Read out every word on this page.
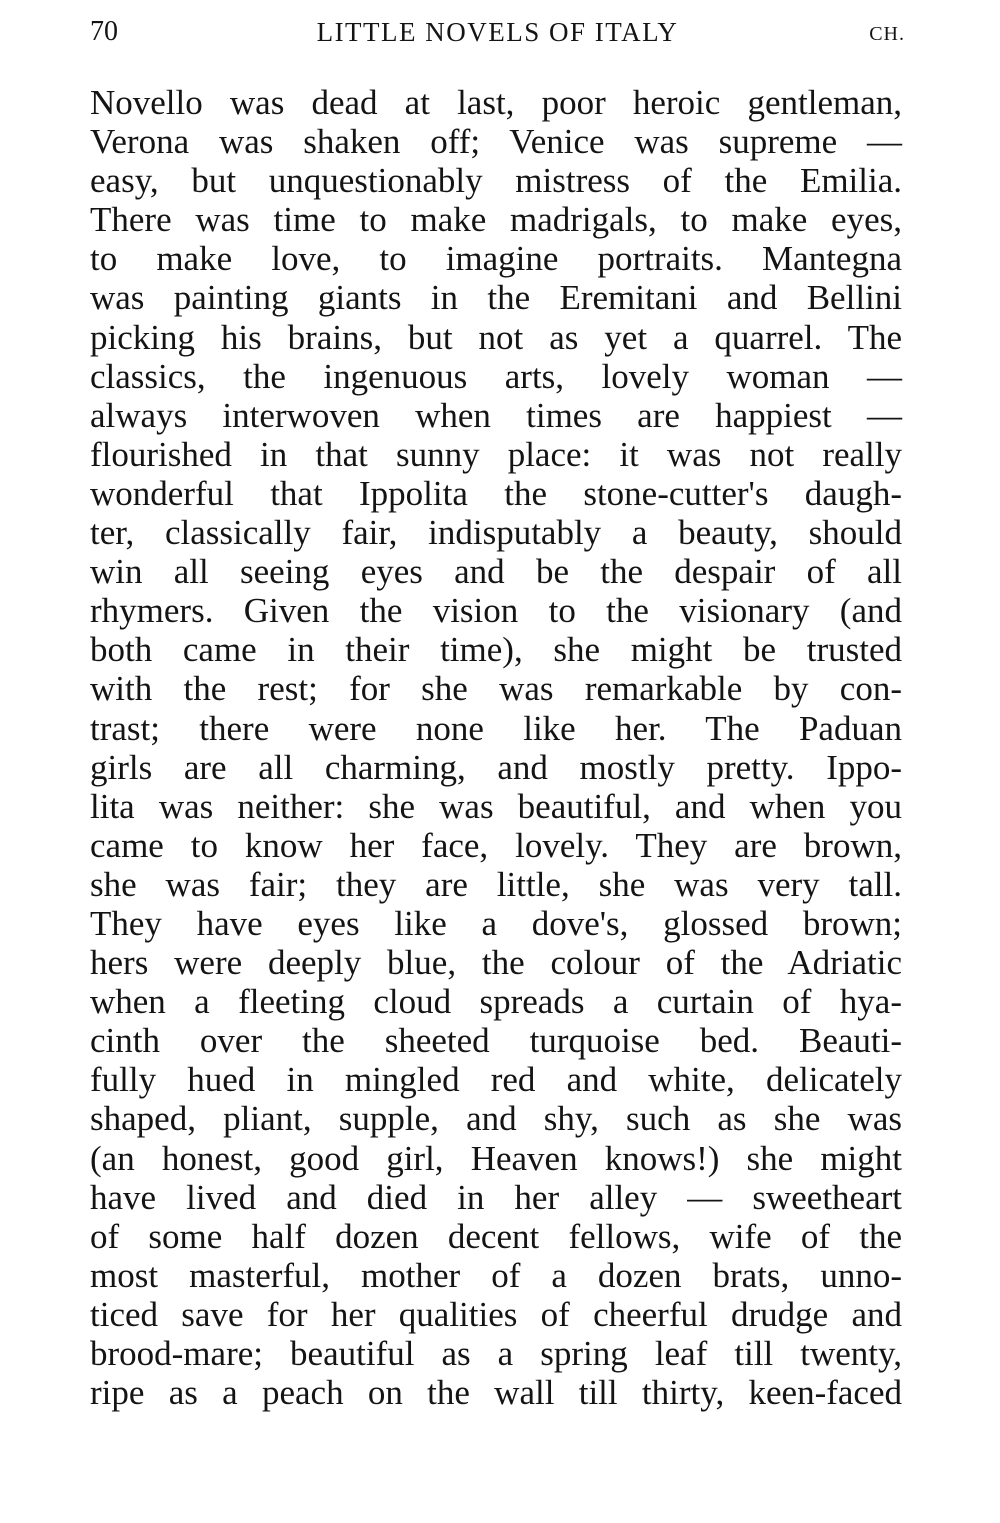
70	LITTLE NOVELS OF ITALY	CH.
Novello was dead at last, poor heroic gentleman,
Verona was shaken off; Venice was supreme —
easy, but unquestionably mistress of the Emilia.
There was time to make madrigals, to make eyes,
to make love, to imagine portraits. Mantegna
was painting giants in the Eremitani and Bellini
picking his brains, but not as yet a quarrel. The
classics, the ingenuous arts, lovely woman —
always interwoven when times are happiest —
flourished in that sunny place: it was not really
wonderful that Ippolita the stone-cutter's daugh-
ter, classically fair, indisputably a beauty, should
win all seeing eyes and be the despair of all
rhymers. Given the vision to the visionary (and
both came in their time), she might be trusted
with the rest; for she was remarkable by con-
trast; there were none like her. The Paduan
girls are all charming, and mostly pretty. Ippo-
lita was neither: she was beautiful, and when you
came to know her face, lovely. They are brown,
she was fair; they are little, she was very tall.
They have eyes like a dove's, glossed brown;
hers were deeply blue, the colour of the Adriatic
when a fleeting cloud spreads a curtain of hya-
cinth over the sheeted turquoise bed. Beauti-
fully hued in mingled red and white, delicately
shaped, pliant, supple, and shy, such as she was
(an honest, good girl, Heaven knows!) she might
have lived and died in her alley — sweetheart
of some half dozen decent fellows, wife of the
most masterful, mother of a dozen brats, unno-
ticed save for her qualities of cheerful drudge and
brood-mare; beautiful as a spring leaf till twenty,
ripe as a peach on the wall till thirty, keen-faced
